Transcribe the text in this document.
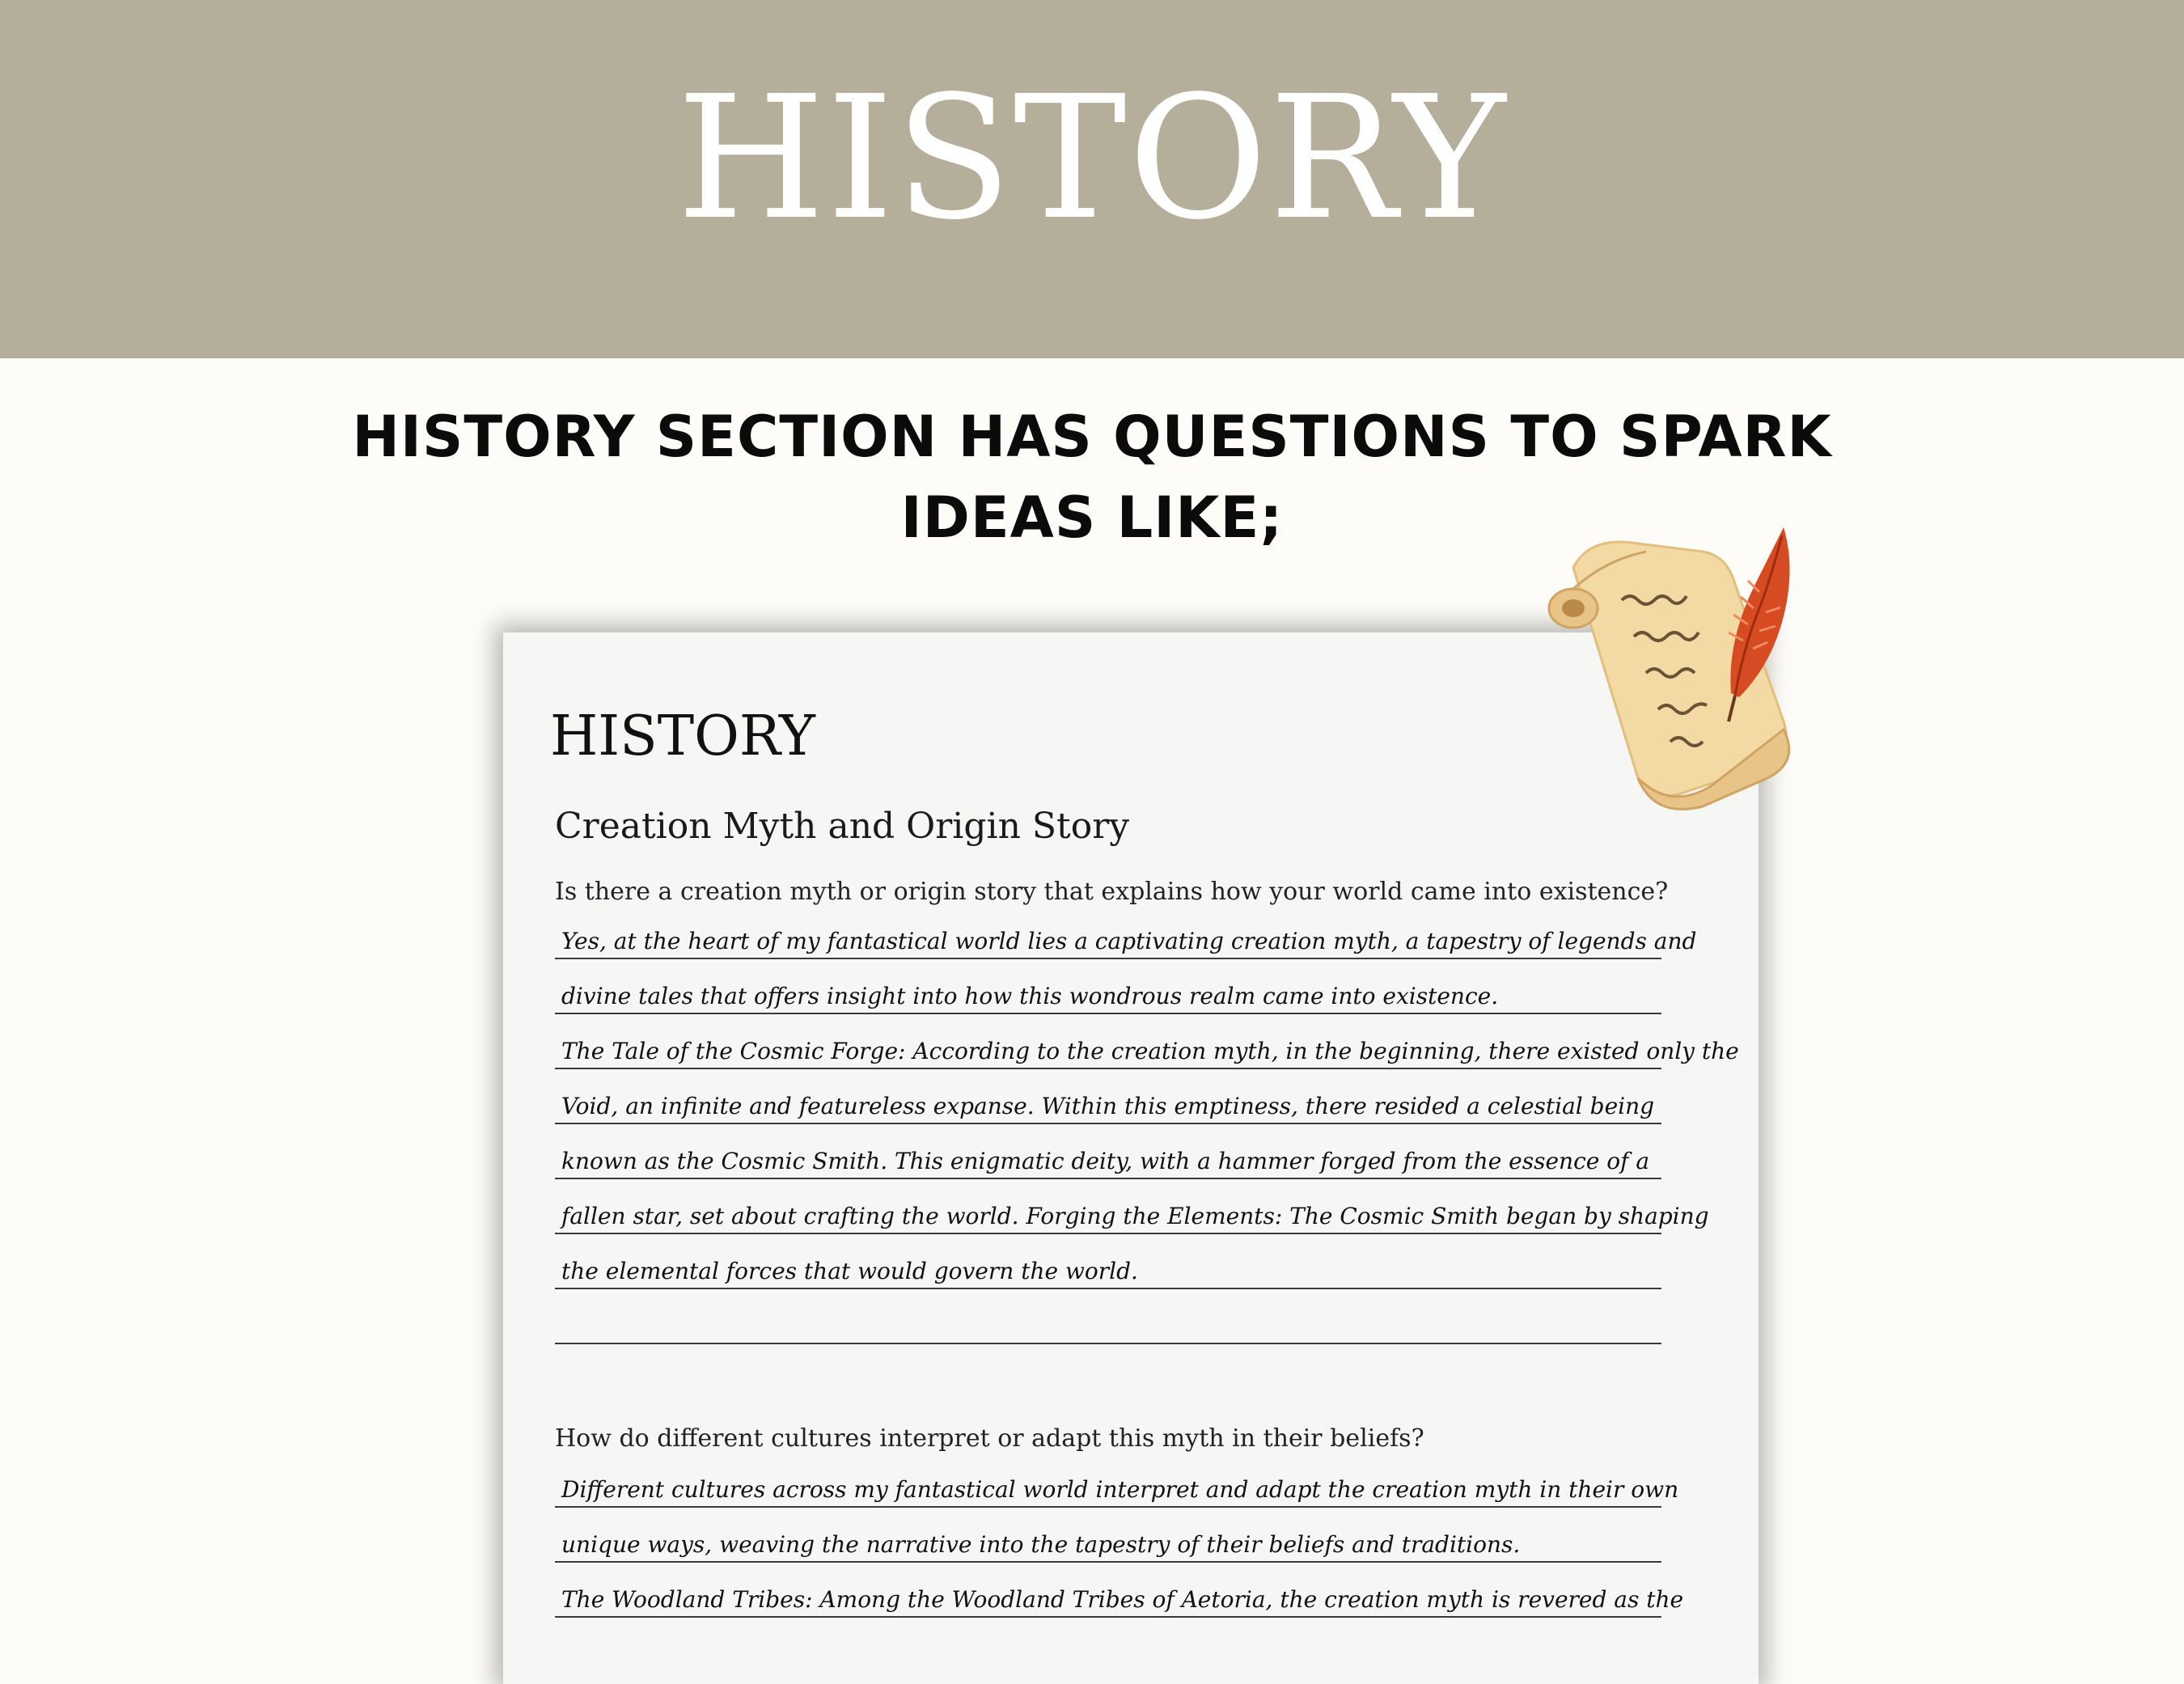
HISTORY
HISTORY SECTION HAS QUESTIONS TO SPARK IDEAS LIKE;
HISTORY
Creation Myth and Origin Story

Is there a creation myth or origin story that explains how your world came into existence?

Yes, at the heart of my fantastical world lies a captivating creation myth, a tapestry of legends and
divine tales that offers insight into how this wondrous realm came into existence.
The Tale of the Cosmic Forge: According to the creation myth, in the beginning, there existed only the
Void, an infinite and featureless expanse. Within this emptiness, there resided a celestial being
known as the Cosmic Smith. This enigmatic deity, with a hammer forged from the essence of a
fallen star, set about crafting the world. Forging the Elements: The Cosmic Smith began by shaping
the elemental forces that would govern the world.

How do different cultures interpret or adapt this myth in their beliefs?

Different cultures across my fantastical world interpret and adapt the creation myth in their own
unique ways, weaving the narrative into the tapestry of their beliefs and traditions.
The Woodland Tribes: Among the Woodland Tribes of Aetoria, the creation myth is revered as the
